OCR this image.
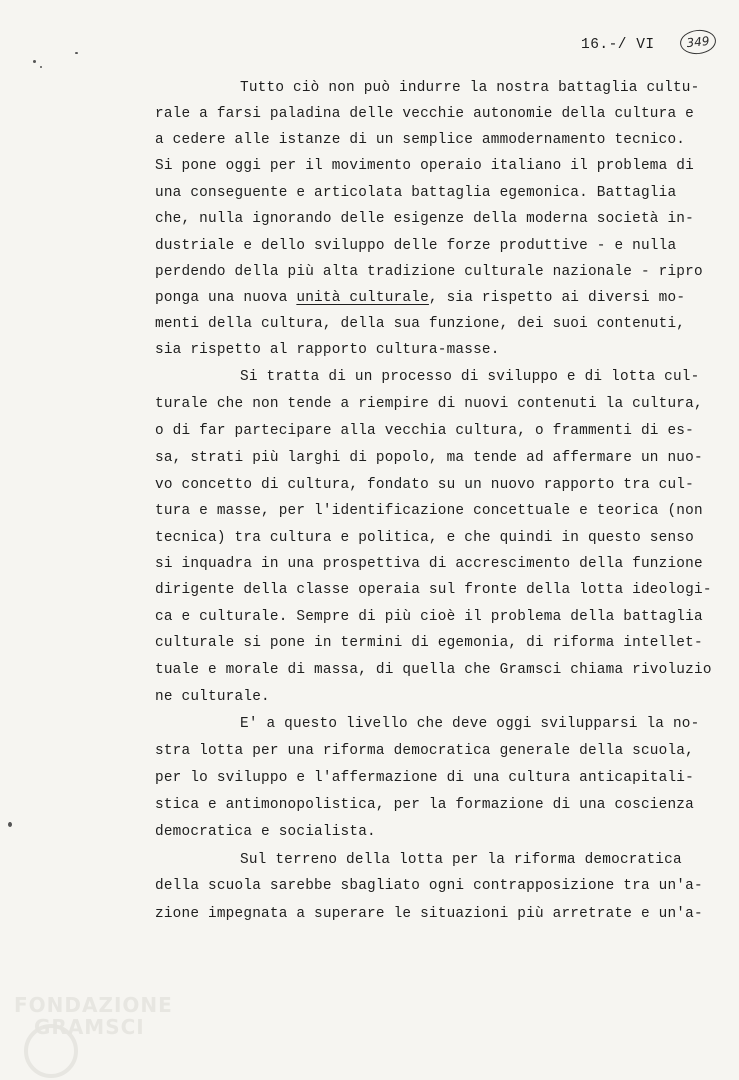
16.-/ VI	349
Tutto ciò non può indurre la nostra battaglia cultu-
rale a farsi paladina delle vecchie autonomie della cultura e
a cedere alle istanze di un semplice ammodernamento tecnico.
Si pone oggi per il movimento operaio italiano il problema di
una conseguente e articolata battaglia egemonica. Battaglia
che, nulla ignorando delle esigenze della moderna società in-
dustriale e dello sviluppo delle forze produttive - e nulla
perdendo della più alta tradizione culturale nazionale - ripro
ponga una nuova unità culturale, sia rispetto ai diversi mo-
menti della cultura, della sua funzione, dei suoi contenuti,
sia rispetto al rapporto cultura-masse.
Si tratta di un processo di sviluppo e di lotta cul-
turale che non tende a riempire di nuovi contenuti la cultura,
o di far partecipare alla vecchia cultura, o frammenti di es-
sa, strati più larghi di popolo, ma tende ad affermare un nuo-
vo concetto di cultura, fondato su un nuovo rapporto tra cul-
tura e masse, per l'identificazione concettuale e teorica (non
tecnica) tra cultura e politica, e che quindi in questo senso
si inquadra in una prospettiva di accrescimento della funzione
dirigente della classe operaia sul fronte della lotta ideologi-
ca e culturale. Sempre di più cioè il problema della battaglia
culturale si pone in termini di egemonia, di riforma intellet-
tuale e morale di massa, di quella che Gramsci chiama rivoluzio
ne culturale.
E' a questo livello che deve oggi svilupparsi la no-
stra lotta per una riforma democratica generale della scuola,
per lo sviluppo e l'affermazione di una cultura anticapitali-
stica e antimonopolistica, per la formazione di una coscienza
democratica e socialista.
Sul terreno della lotta per la riforma democratica
della scuola sarebbe sbagliato ogni contrapposizione tra un'a-
zione impegnata a superare le situazioni più arretrate e un'a-
FONDAZIONE
GRAMSCI
